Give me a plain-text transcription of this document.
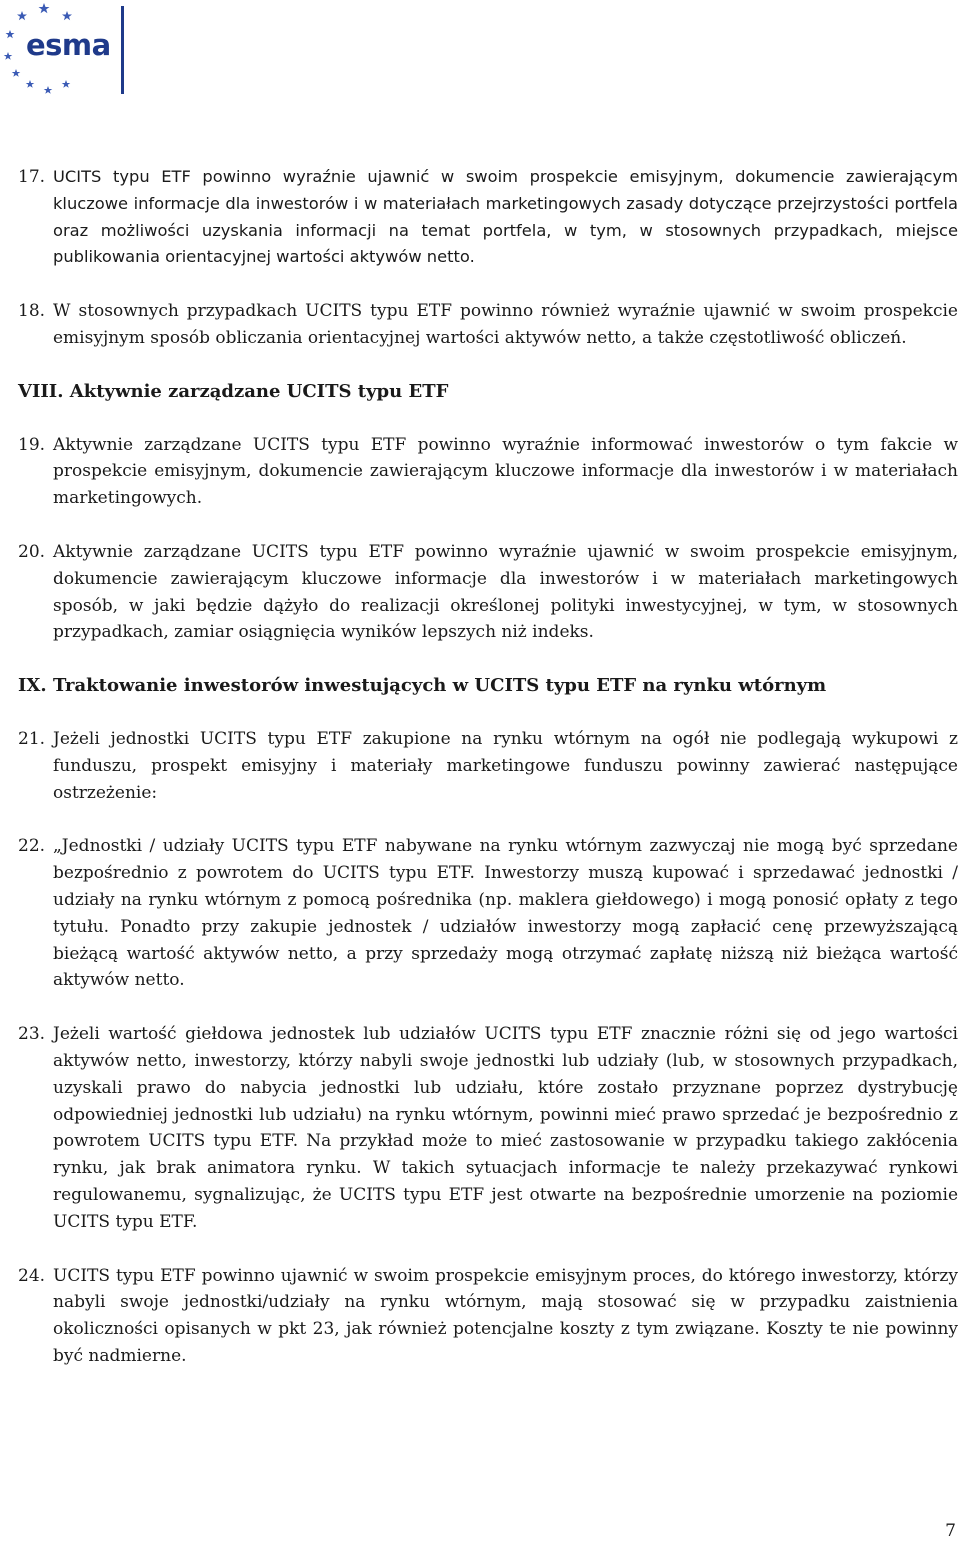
esma
17. UCITS typu ETF powinno wyraźnie ujawnić w swoim prospekcie emisyjnym, dokumencie zawierającym kluczowe informacje dla inwestorów i w materiałach marketingowych zasady dotyczące przejrzystości portfela oraz możliwości uzyskania informacji na temat portfela, w tym, w stosownych przypadkach, miejsce publikowania orientacyjnej wartości aktywów netto.
18. W stosownych przypadkach UCITS typu ETF powinno również wyraźnie ujawnić w swoim prospekcie emisyjnym sposób obliczania orientacyjnej wartości aktywów netto, a także częstotliwość obliczeń.
VIII. Aktywnie zarządzane UCITS typu ETF
19. Aktywnie zarządzane UCITS typu ETF powinno wyraźnie informować inwestorów o tym fakcie w prospekcie emisyjnym, dokumencie zawierającym kluczowe informacje dla inwestorów i w materiałach marketingowych.
20. Aktywnie zarządzane UCITS typu ETF powinno wyraźnie ujawnić w swoim prospekcie emisyjnym, dokumencie zawierającym kluczowe informacje dla inwestorów i w materiałach marketingowych sposób, w jaki będzie dążyło do realizacji określonej polityki inwestycyjnej, w tym, w stosownych przypadkach, zamiar osiągnięcia wyników lepszych niż indeks.
IX. Traktowanie inwestorów inwestujących w UCITS typu ETF na rynku wtórnym
21. Jeżeli jednostki UCITS typu ETF zakupione na rynku wtórnym na ogół nie podlegają wykupowi z funduszu, prospekt emisyjny i materiały marketingowe funduszu powinny zawierać następujące ostrzeżenie:
22. „Jednostki / udziały UCITS typu ETF nabywane na rynku wtórnym zazwyczaj nie mogą być sprzedane bezpośrednio z powrotem do UCITS typu ETF. Inwestorzy muszą kupować i sprzedawać jednostki / udziały na rynku wtórnym z pomocą pośrednika (np. maklera giełdowego) i mogą ponosić opłaty z tego tytułu. Ponadto przy zakupie jednostek / udziałów inwestorzy mogą zapłacić cenę przewyższającą bieżącą wartość aktywów netto, a przy sprzedaży mogą otrzymać zapłatę niższą niż bieżąca wartość aktywów netto.
23. Jeżeli wartość giełdowa jednostek lub udziałów UCITS typu ETF znacznie różni się od jego wartości aktywów netto, inwestorzy, którzy nabyli swoje jednostki lub udziały (lub, w stosownych przypadkach, uzyskali prawo do nabycia jednostki lub udziału, które zostało przyznane poprzez dystrybucję odpowiedniej jednostki lub udziału) na rynku wtórnym, powinni mieć prawo sprzedać je bezpośrednio z powrotem UCITS typu ETF. Na przykład może to mieć zastosowanie w przypadku takiego zakłócenia rynku, jak brak animatora rynku. W takich sytuacjach informacje te należy przekazywać rynkowi regulowanemu, sygnalizując, że UCITS typu ETF jest otwarte na bezpośrednie umorzenie na poziomie UCITS typu ETF.
24. UCITS typu ETF powinno ujawnić w swoim prospekcie emisyjnym proces, do którego inwestorzy, którzy nabyli swoje jednostki/udziały na rynku wtórnym, mają stosować się w przypadku zaistnienia okoliczności opisanych w pkt 23, jak również potencjalne koszty z tym związane. Koszty te nie powinny być nadmierne.
7
